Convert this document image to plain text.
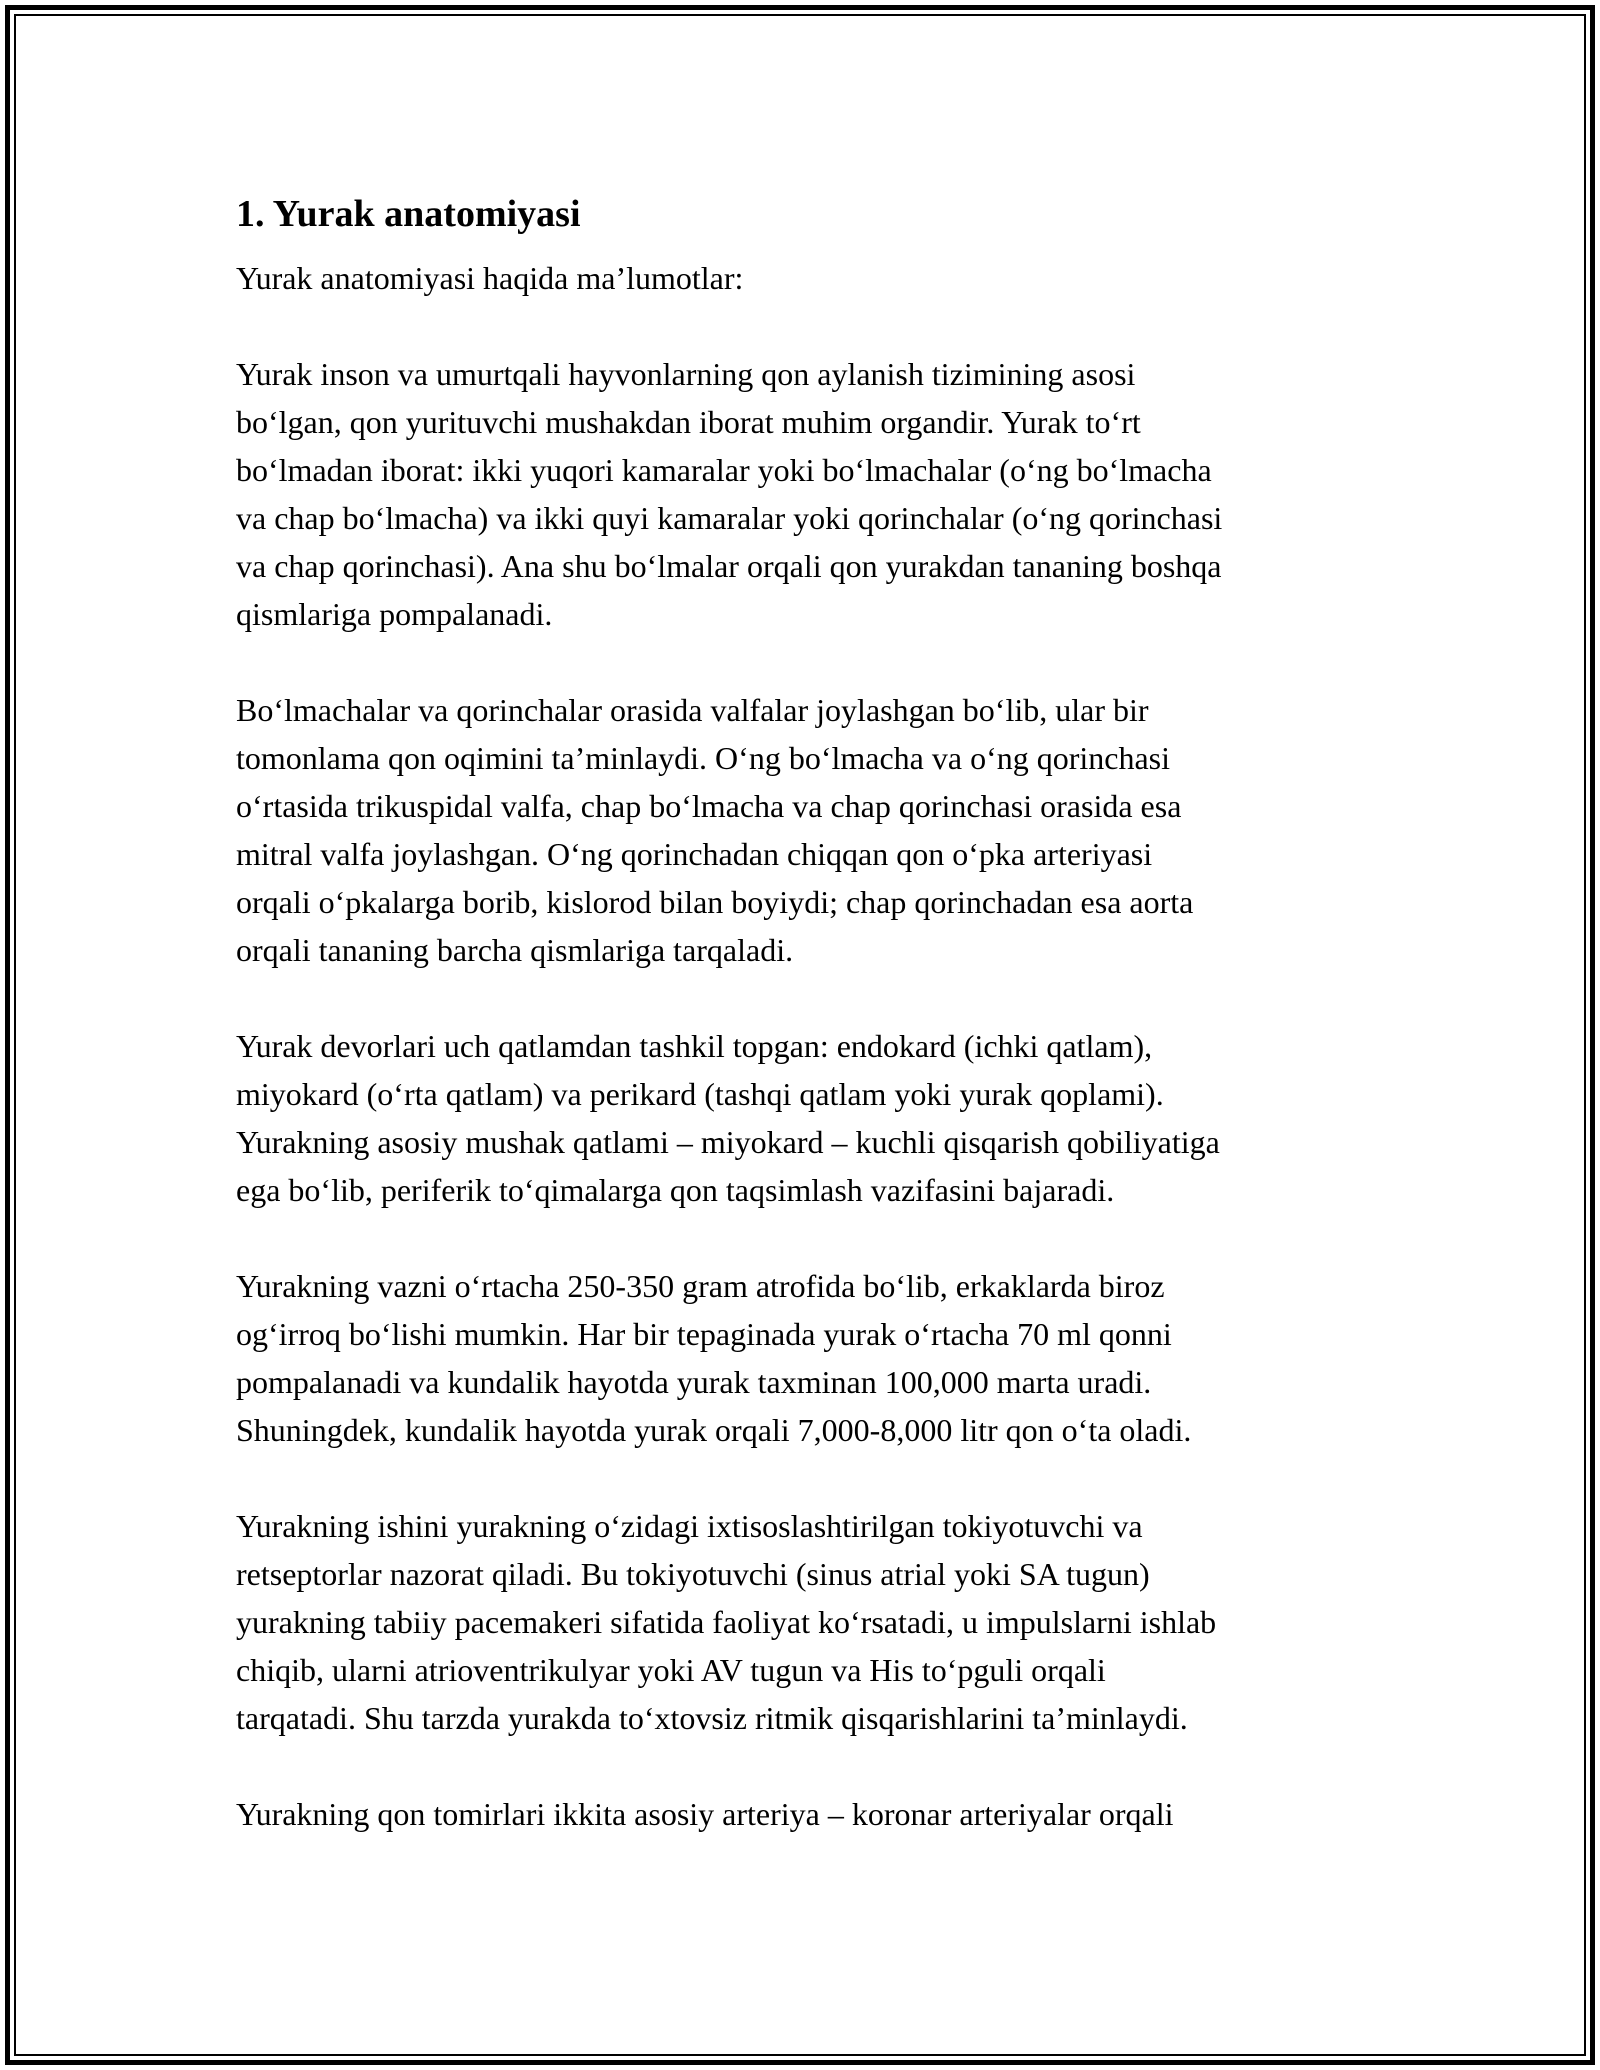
1. Yurak anatomiyasi

Yurak anatomiyasi haqida ma’lumotlar:

Yurak inson va umurtqali hayvonlarning qon aylanish tizimining asosi
bo‘lgan, qon yurituvchi mushakdan iborat muhim organdir. Yurak to‘rt
bo‘lmadan iborat: ikki yuqori kamaralar yoki bo‘lmachalar (o‘ng bo‘lmacha
va chap bo‘lmacha) va ikki quyi kamaralar yoki qorinchalar (o‘ng qorinchasi
va chap qorinchasi). Ana shu bo‘lmalar orqali qon yurakdan tananing boshqa
qismlariga pompalanadi.

Bo‘lmachalar va qorinchalar orasida valfalar joylashgan bo‘lib, ular bir
tomonlama qon oqimini ta’minlaydi. O‘ng bo‘lmacha va o‘ng qorinchasi
o‘rtasida trikuspidal valfa, chap bo‘lmacha va chap qorinchasi orasida esa
mitral valfa joylashgan. O‘ng qorinchadan chiqqan qon o‘pka arteriyasi
orqali o‘pkalarga borib, kislorod bilan boyiydi; chap qorinchadan esa aorta
orqali tananing barcha qismlariga tarqaladi.

Yurak devorlari uch qatlamdan tashkil topgan: endokard (ichki qatlam),
miyokard (o‘rta qatlam) va perikard (tashqi qatlam yoki yurak qoplami).
Yurakning asosiy mushak qatlami – miyokard – kuchli qisqarish qobiliyatiga
ega bo‘lib, periferik to‘qimalarga qon taqsimlash vazifasini bajaradi.

Yurakning vazni o‘rtacha 250-350 gram atrofida bo‘lib, erkaklarda biroz
og‘irroq bo‘lishi mumkin. Har bir tepaginada yurak o‘rtacha 70 ml qonni
pompalanadi va kundalik hayotda yurak taxminan 100,000 marta uradi.
Shuningdek, kundalik hayotda yurak orqali 7,000-8,000 litr qon o‘ta oladi.

Yurakning ishini yurakning o‘zidagi ixtisoslashtirilgan tokiyotuvchi va
retseptorlar nazorat qiladi. Bu tokiyotuvchi (sinus atrial yoki SA tugun)
yurakning tabiiy pacemakeri sifatida faoliyat ko‘rsatadi, u impulslarni ishlab
chiqib, ularni atrioventrikulyar yoki AV tugun va His to‘pguli orqali
tarqatadi. Shu tarzda yurakda to‘xtovsiz ritmik qisqarishlarini ta’minlaydi.

Yurakning qon tomirlari ikkita asosiy arteriya – koronar arteriyalar orqali
